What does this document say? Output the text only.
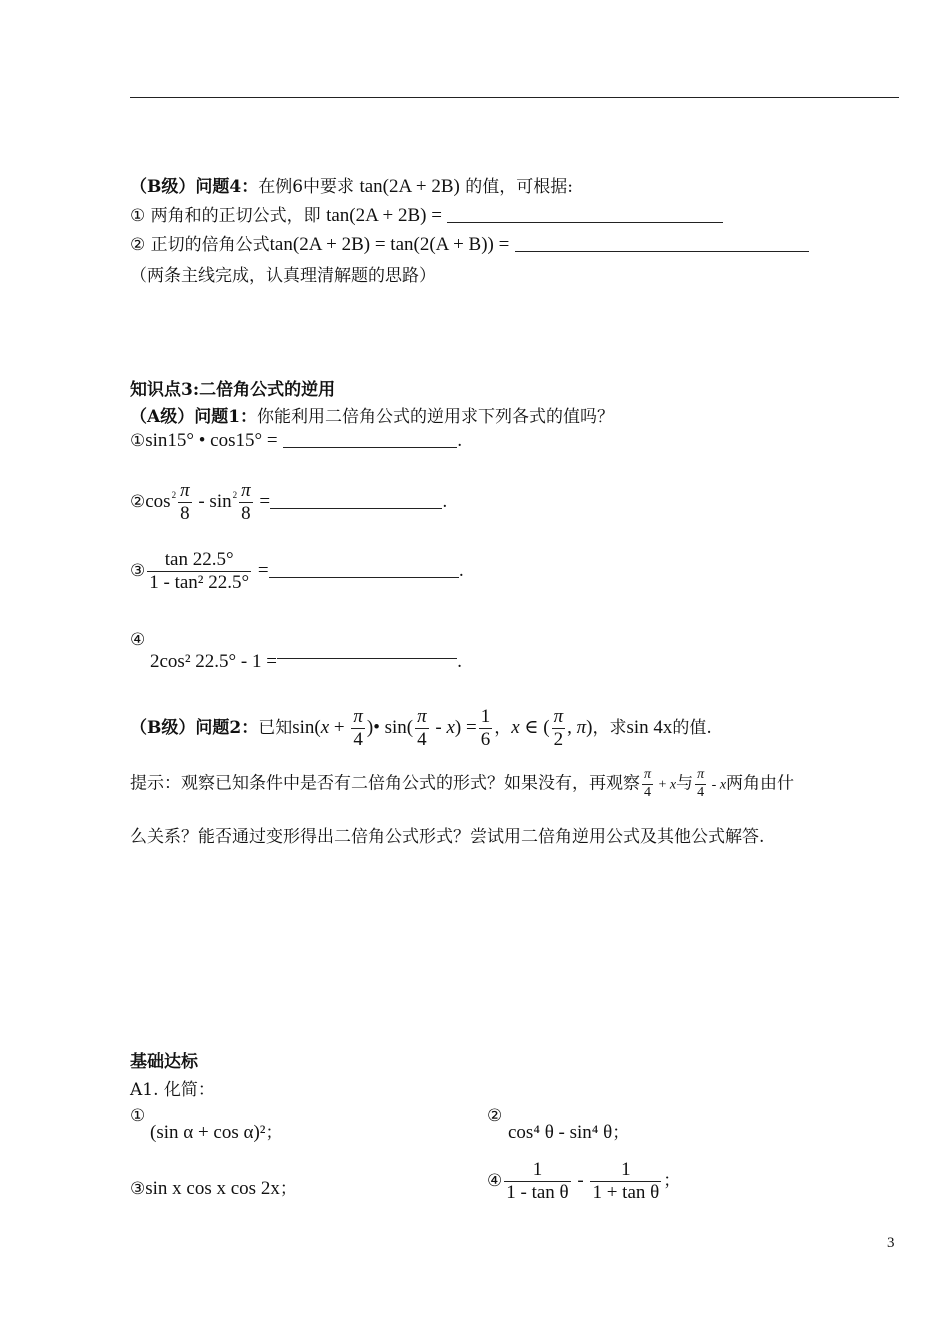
（B级）问题4：在例6中要求 tan(2A + 2B) 的值，可根据:
① 两角和的正切公式，即 tan(2A + 2B) =
② 正切的倍角公式tan(2A + 2B) = tan(2(A + B)) =
（两条主线完成，认真理清解题的思路）
知识点3:二倍角公式的逆用
（A级）问题1：你能利用二倍角公式的逆用求下列各式的值吗？
①sin15° • cos15° =	.
$②\cos^2 \frac{\pi}{8} - \sin^2 \frac{\pi}{8}$ =	.
③ $\frac{\tan 22.5^\circ}{\text{1 - tan² 22.5°}}$ =	.
④
2cos² 22.5° - 1 =	.
（B级）问题2：已知$\sin(x + \frac{\pi}{4}$ )• $\sin( \frac{\pi}{4} - x) = \frac{1}{6}$ ，x ∈ ( $\frac{\pi}{2}$ , π)，求sin 4x的值.
提示：观察已知条件中是否有二倍角公式的形式？如果没有，再观察 $\frac{\pi}{4} + x$与 $\frac{\pi}{4}$ - x两角由什
么关系？能否通过变形得出二倍角公式形式？尝试用二倍角逆用公式及其他公式解答.
基础达标
A1. 化简：
①
(sin α + cos α)²；
②
cos⁴ θ - sin⁴ θ；
③sin x cos x cos 2x；	④ $\frac{1}{\text{1 - tan θ}} - \frac{1}{\text{1 + tan θ}}$ ；
3
